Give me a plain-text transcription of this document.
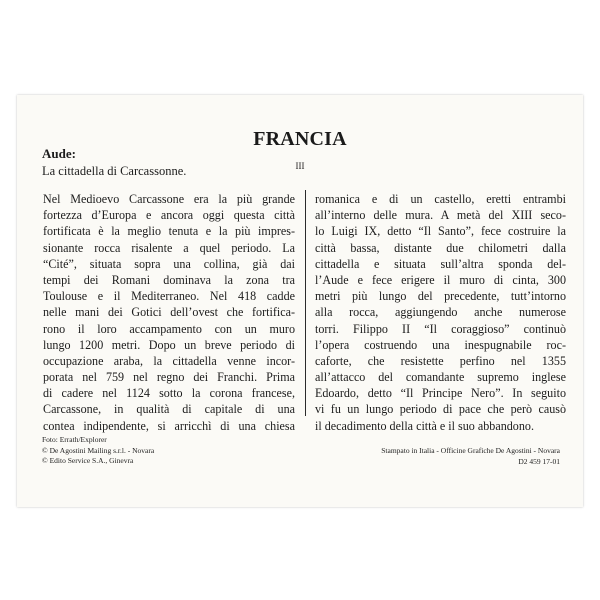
FRANCIA
Aude:
La cittadella di Carcassonne.	III
Nel Medioevo Carcassone era la più grande
fortezza d’Europa e ancora oggi questa città
fortificata è la meglio tenuta e la più impres-
sionante rocca risalente a quel periodo. La
“Cité”, situata sopra una collina, già dai
tempi dei Romani dominava la zona tra
Toulouse e il Mediterraneo. Nel 418 cadde
nelle mani dei Gotici dell’ovest che fortifica-
rono il loro accampamento con un muro
lungo 1200 metri. Dopo un breve periodo di
occupazione araba, la cittadella venne incor-
porata nel 759 nel regno dei Franchi. Prima
di cadere nel 1124 sotto la corona francese,
Carcassone, in qualità di capitale di una
contea indipendente, si arricchì di una chiesa
romanica e di un castello, eretti entrambi
all’interno delle mura. A metà del XIII seco-
lo Luigi IX, detto “Il Santo”, fece costruire la
città bassa, distante due chilometri dalla
cittadella e situata sull’altra sponda del-
l’Aude e fece erigere il muro di cinta, 300
metri più lungo del precedente, tutt’intorno
alla rocca, aggiungendo anche numerose
torri. Filippo II “Il coraggioso” continuò
l’opera costruendo una inespugnabile roc-
caforte, che resistette perfino nel 1355
all’attacco del comandante supremo inglese
Edoardo, detto “Il Principe Nero”. In seguito
vi fu un lungo periodo di pace che però causò
il decadimento della città e il suo abbandono.
Foto: Errath/Explorer
© De Agostini Mailing s.r.l. - Novara
© Edito Service S.A., Ginevra
Stampato in Italia - Officine Grafiche De Agostini - Novara
D2 459 17-01
